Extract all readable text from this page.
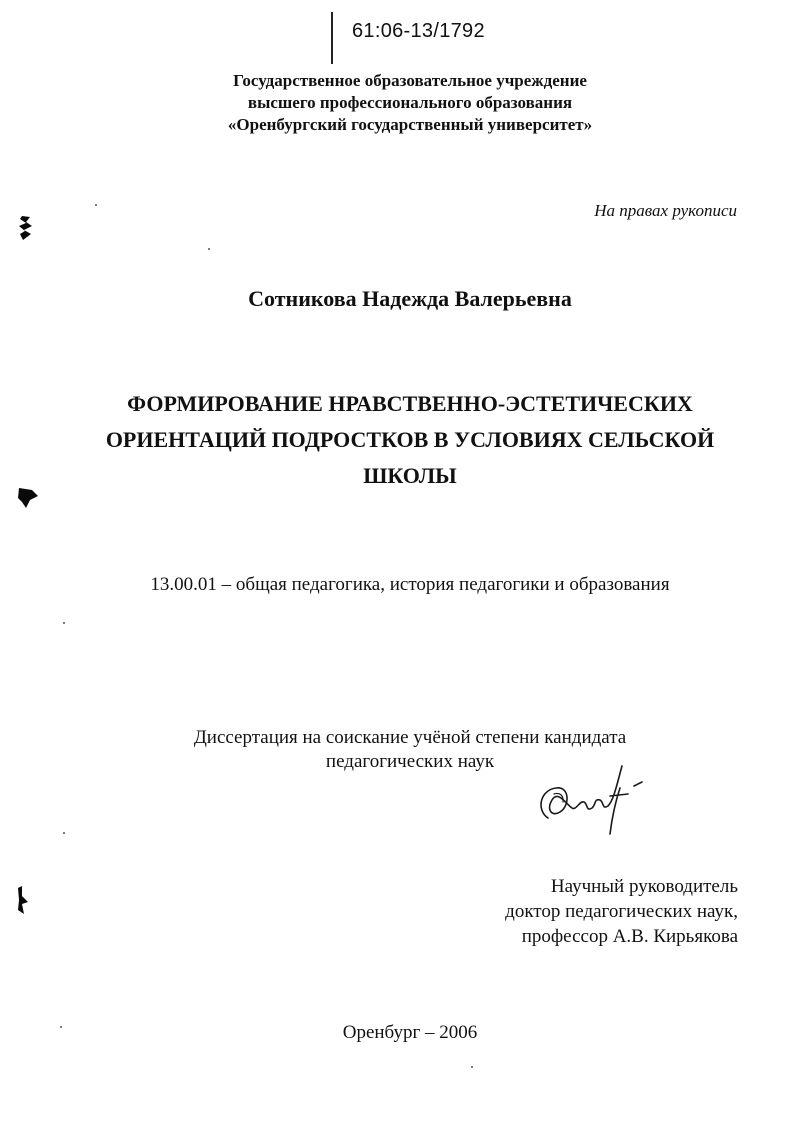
61:06-13/1792
Государственное образовательное учреждение
высшего профессионального образования
«Оренбургский государственный университет»
На правах рукописи
Сотникова Надежда Валерьевна
ФОРМИРОВАНИЕ НРАВСТВЕННО-ЭСТЕТИЧЕСКИХ
ОРИЕНТАЦИЙ ПОДРОСТКОВ В УСЛОВИЯХ СЕЛЬСКОЙ
ШКОЛЫ
13.00.01 – общая педагогика, история педагогики и образования
Диссертация на соискание учёной степени кандидата
педагогических наук
Научный руководитель
доктор педагогических наук,
профессор А.В. Кирьякова
Оренбург – 2006
